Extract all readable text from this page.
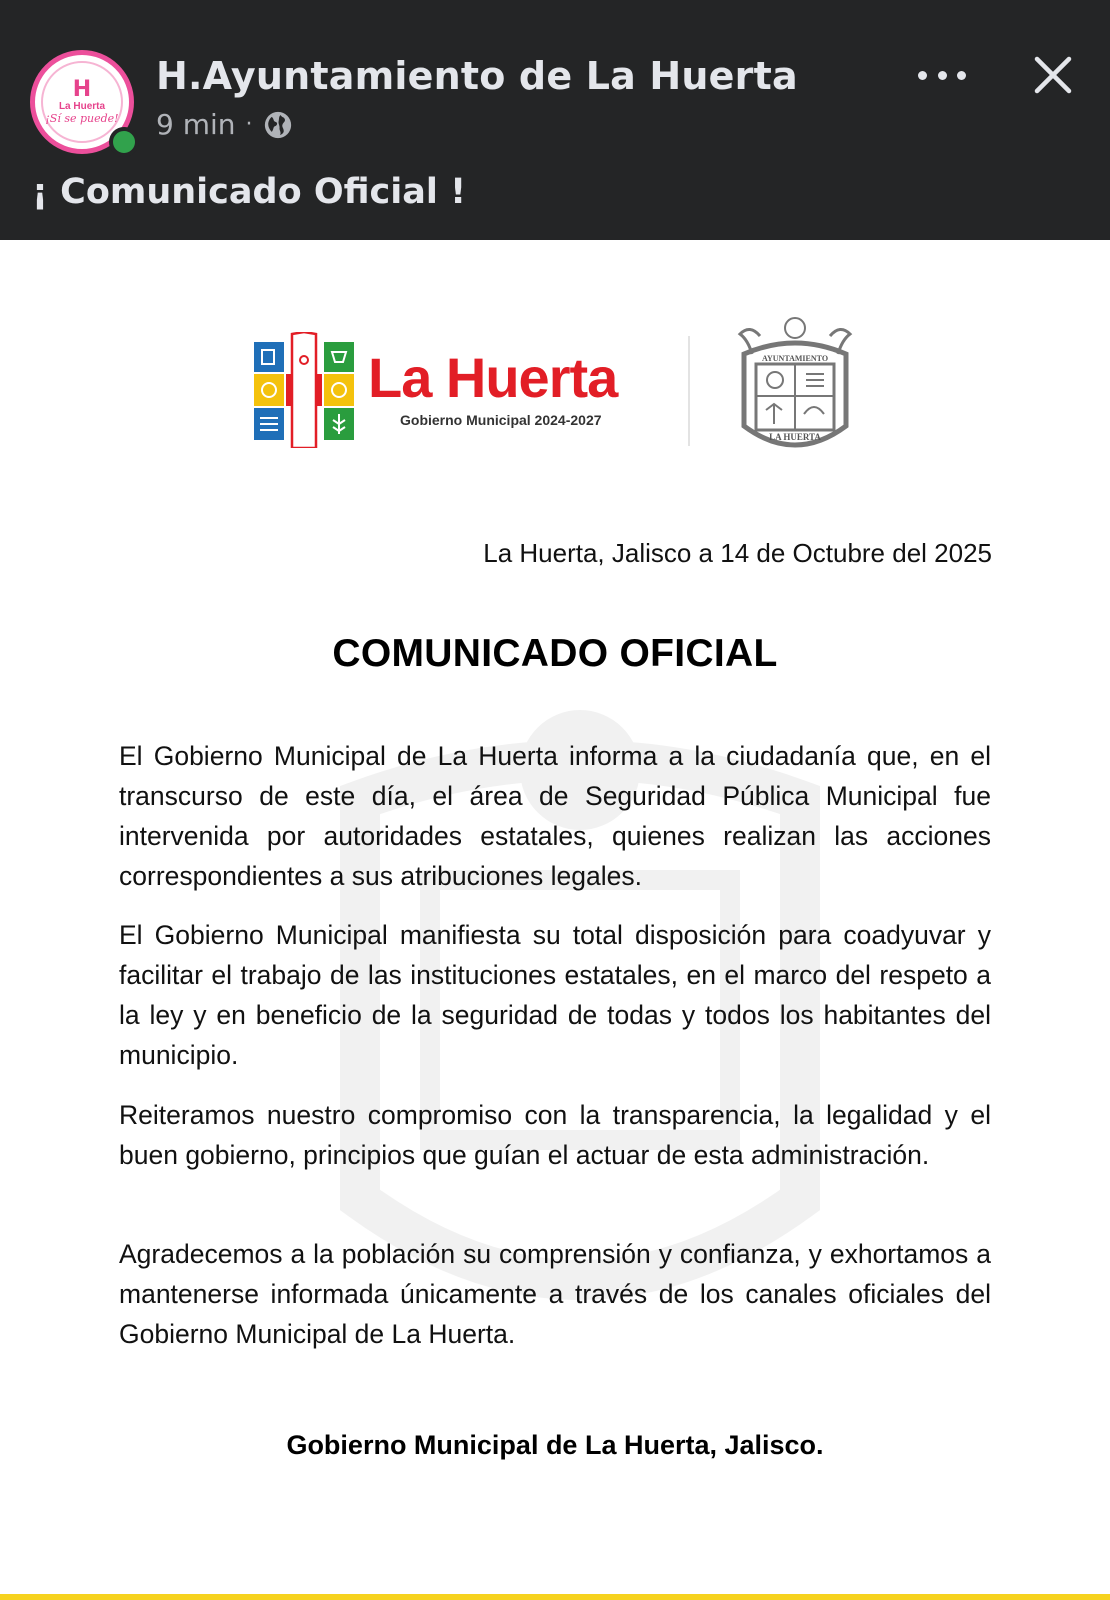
H
La Huerta
¡Sí se puede!
H.Ayuntamiento de La Huerta
9 min ·
¡ Comunicado Oficial !
La Huerta
Gobierno Municipal 2024-2027
AYUNTAMIENTO
LA HUERTA
La Huerta, Jalisco a 14 de Octubre del 2025
COMUNICADO OFICIAL

El Gobierno Municipal de La Huerta informa a la ciudadanía que, en el transcurso de este día, el área de Seguridad Pública Municipal fue intervenida por autoridades estatales, quienes realizan las acciones correspondientes a sus atribuciones legales.

El Gobierno Municipal manifiesta su total disposición para coadyuvar y facilitar el trabajo de las instituciones estatales, en el marco del respeto a la ley y en beneficio de la seguridad de todas y todos los habitantes del municipio.

Reiteramos nuestro compromiso con la transparencia, la legalidad y el buen gobierno, principios que guían el actuar de esta administración.

Agradecemos a la población su comprensión y confianza, y exhortamos a mantenerse informada únicamente a través de los canales oficiales del Gobierno Municipal de La Huerta.

Gobierno Municipal de La Huerta, Jalisco.
